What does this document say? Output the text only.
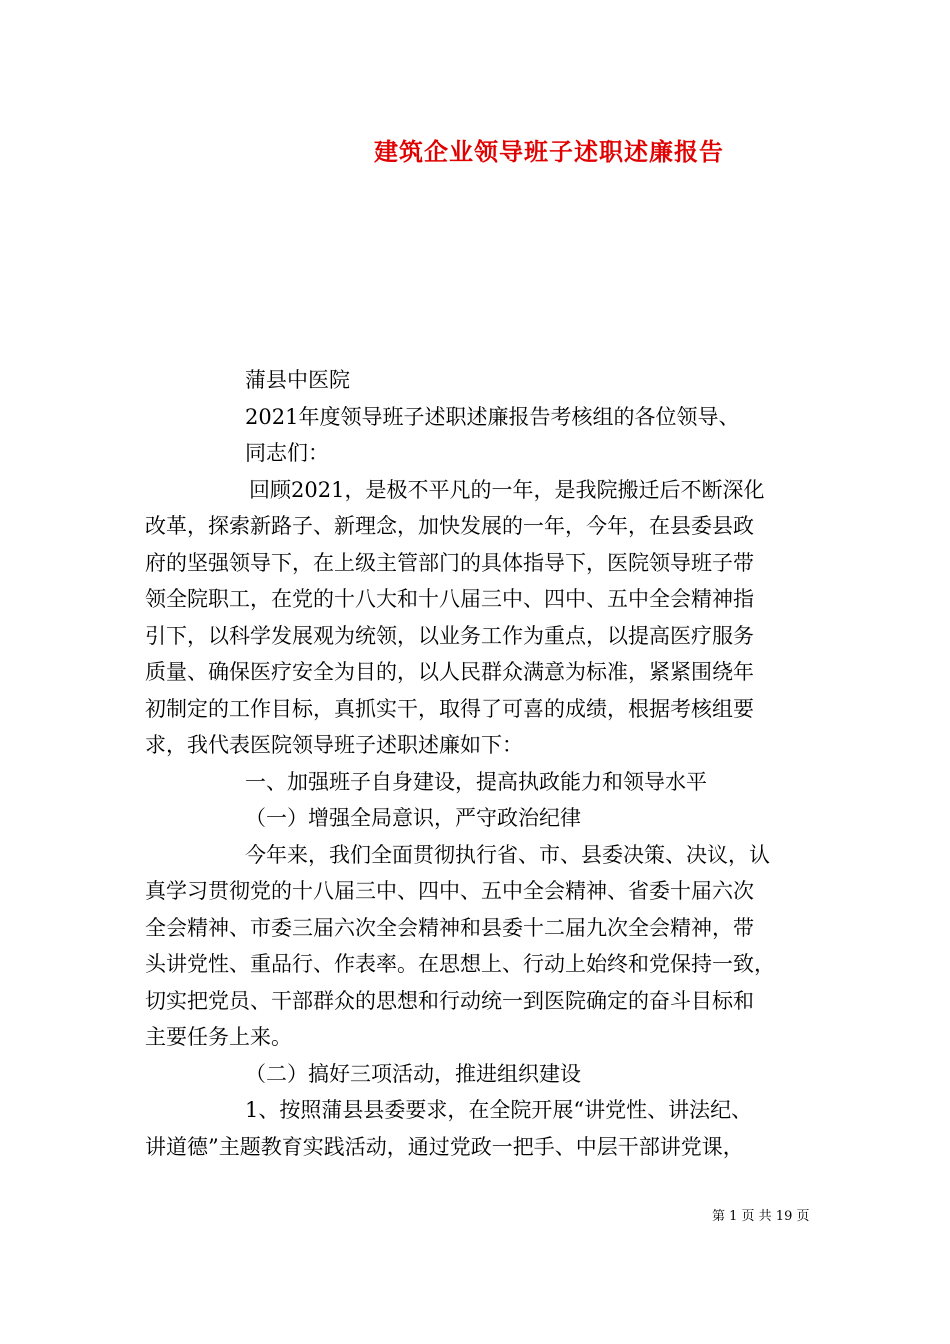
建筑企业领导班子述职述廉报告
蒲县中医院
2021年度领导班子述职述廉报告考核组的各位领导、
同志们：
回顾2021，是极不平凡的一年，是我院搬迁后不断深化
改革，探索新路子、新理念，加快发展的一年，今年，在县委县政
府的坚强领导下，在上级主管部门的具体指导下，医院领导班子带
领全院职工，在党的十八大和十八届三中、四中、五中全会精神指
引下，以科学发展观为统领，以业务工作为重点，以提高医疗服务
质量、确保医疗安全为目的，以人民群众满意为标准，紧紧围绕年
初制定的工作目标，真抓实干，取得了可喜的成绩，根据考核组要
求，我代表医院领导班子述职述廉如下：
一、加强班子自身建设，提高执政能力和领导水平
（一）增强全局意识，严守政治纪律
今年来，我们全面贯彻执行省、市、县委决策、决议，认
真学习贯彻党的十八届三中、四中、五中全会精神、省委十届六次
全会精神、市委三届六次全会精神和县委十二届九次全会精神，带
头讲党性、重品行、作表率。在思想上、行动上始终和党保持一致，
切实把党员、干部群众的思想和行动统一到医院确定的奋斗目标和
主要任务上来。
（二）搞好三项活动，推进组织建设
1、按照蒲县县委要求，在全院开展“讲党性、讲法纪、
讲道德”主题教育实践活动，通过党政一把手、中层干部讲党课，
第 1 页 共 19 页
